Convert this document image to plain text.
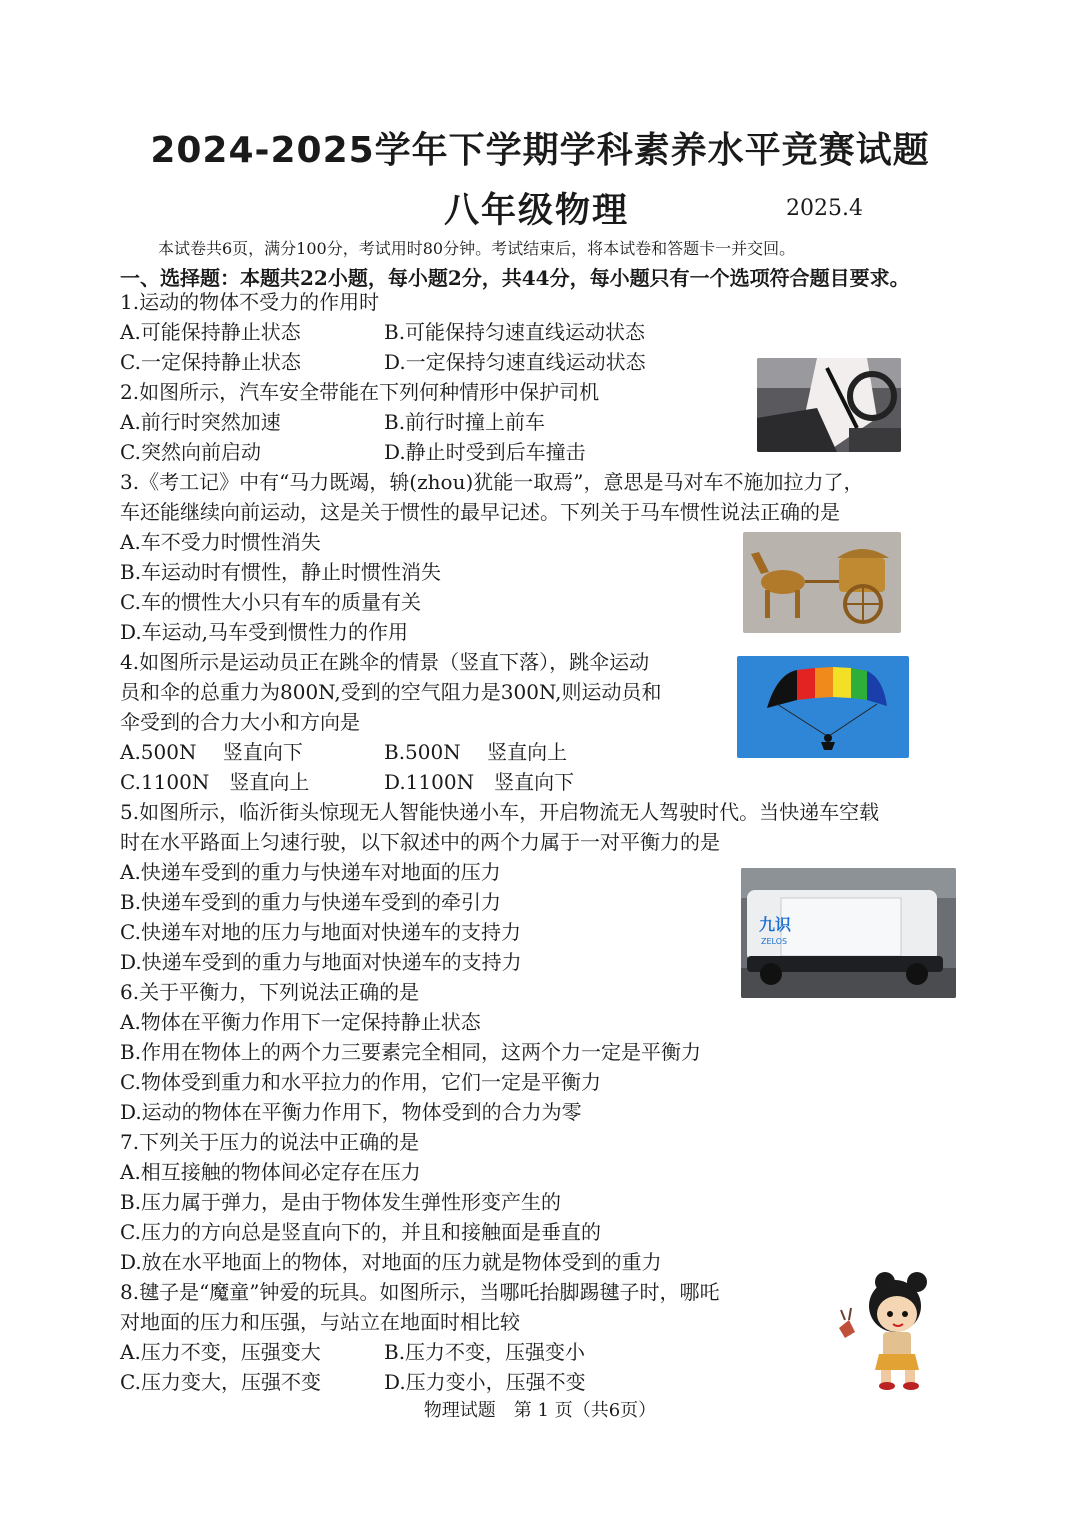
2024-2025学年下学期学科素养水平竞赛试题
八年级物理	2025.4
本试卷共6页，满分100分，考试用时80分钟。考试结束后，将本试卷和答题卡一并交回。
一、选择题：本题共22小题，每小题2分，共44分，每小题只有一个选项符合题目要求。
1.运动的物体不受力的作用时
A.可能保持静止状态	B.可能保持匀速直线运动状态
C.一定保持静止状态	D.一定保持匀速直线运动状态
2.如图所示，汽车安全带能在下列何种情形中保护司机
A.前行时突然加速	B.前行时撞上前车
C.突然向前启动	D.静止时受到后车撞击
3.《考工记》中有“马力既竭，辀(zhou)犹能一取焉”，意思是马对车不施加拉力了，
车还能继续向前运动，这是关于惯性的最早记述。下列关于马车惯性说法正确的是
A.车不受力时惯性消失
B.车运动时有惯性，静止时惯性消失
C.车的惯性大小只有车的质量有关
D.车运动,马车受到惯性力的作用
4.如图所示是运动员正在跳伞的情景（竖直下落），跳伞运动
员和伞的总重力为800N,受到的空气阻力是300N,则运动员和
伞受到的合力大小和方向是
A.500N　 竖直向下	B.500N　 竖直向上
C.1100N　竖直向上	D.1100N　竖直向下
5.如图所示，临沂街头惊现无人智能快递小车，开启物流无人驾驶时代。当快递车空载
时在水平路面上匀速行驶，以下叙述中的两个力属于一对平衡力的是
A.快递车受到的重力与快递车对地面的压力
B.快递车受到的重力与快递车受到的牵引力
C.快递车对地的压力与地面对快递车的支持力
D.快递车受到的重力与地面对快递车的支持力
九识
ZELOS
6.关于平衡力，下列说法正确的是
A.物体在平衡力作用下一定保持静止状态
B.作用在物体上的两个力三要素完全相同，这两个力一定是平衡力
C.物体受到重力和水平拉力的作用，它们一定是平衡力
D.运动的物体在平衡力作用下，物体受到的合力为零
7.下列关于压力的说法中正确的是
A.相互接触的物体间必定存在压力
B.压力属于弹力，是由于物体发生弹性形变产生的
C.压力的方向总是竖直向下的，并且和接触面是垂直的
D.放在水平地面上的物体，对地面的压力就是物体受到的重力
8.毽子是“魔童”钟爱的玩具。如图所示，当哪吒抬脚踢毽子时，哪吒
对地面的压力和压强，与站立在地面时相比较
A.压力不变，压强变大	B.压力不变，压强变小
C.压力变大，压强不变	D.压力变小，压强不变
物理试题　第 1 页（共6页）
